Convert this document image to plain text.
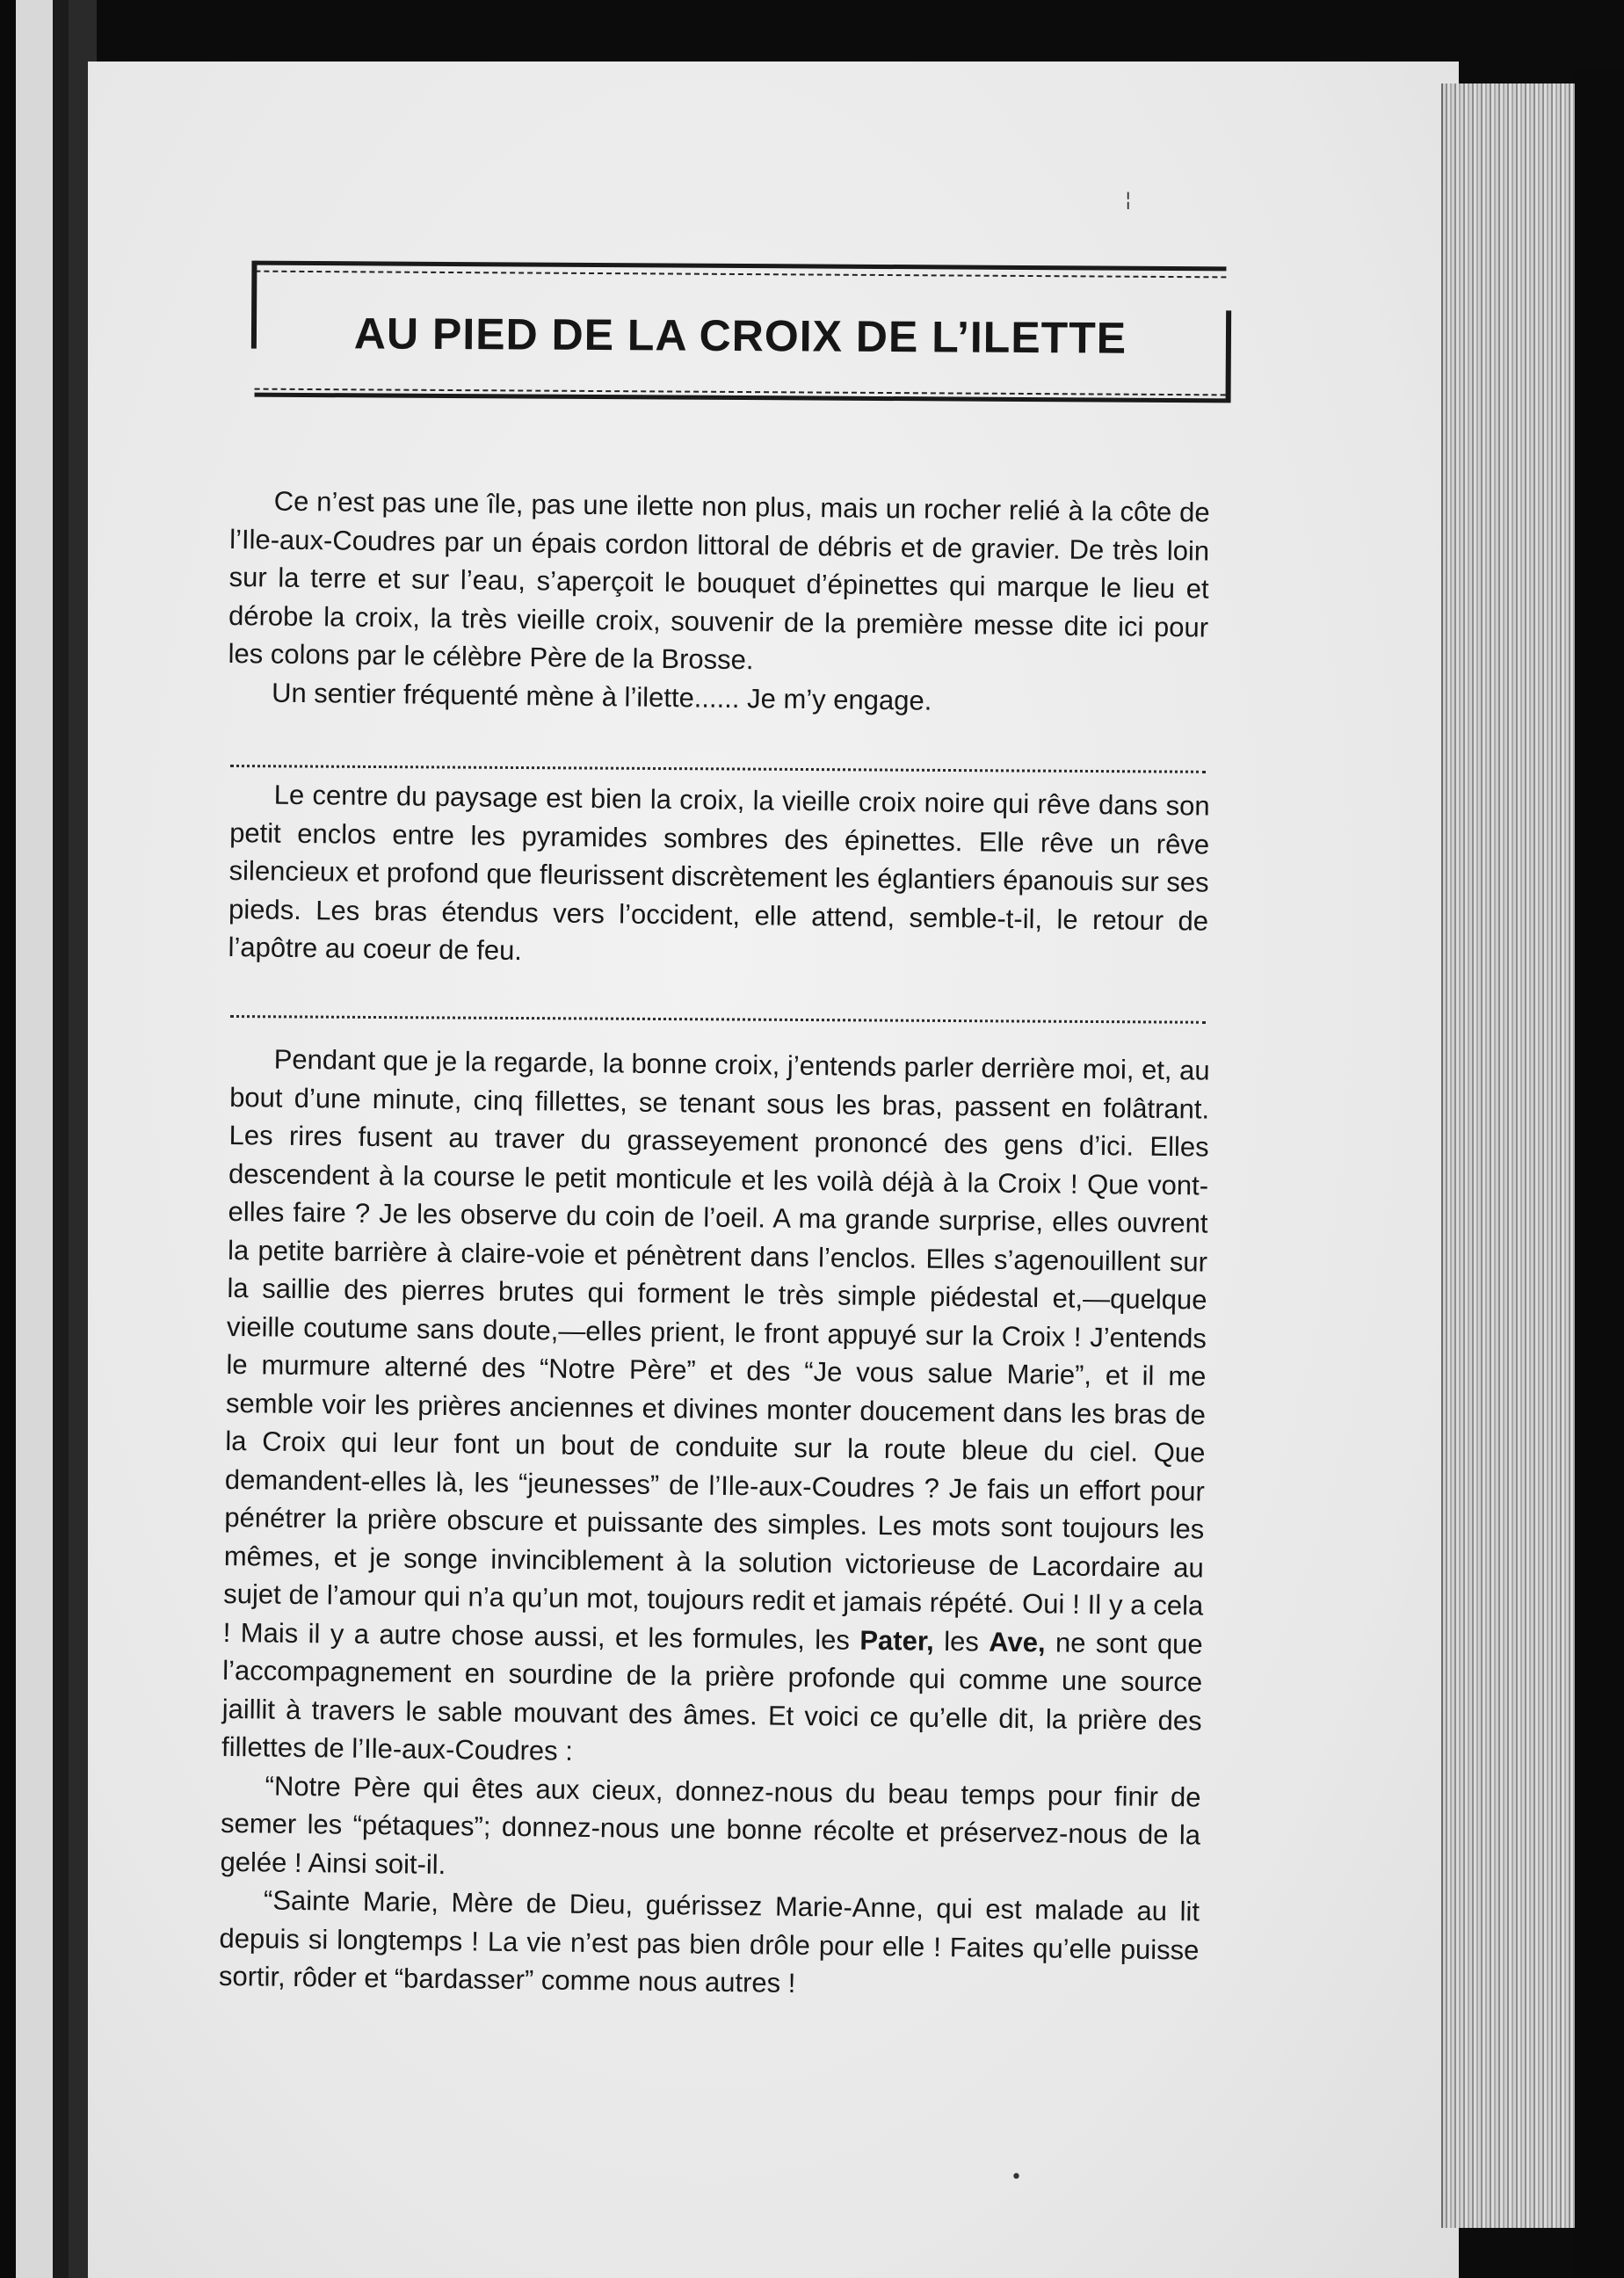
AU PIED DE LA CROIX DE L’ILETTE

Ce n’est pas une île, pas une ilette non plus, mais un rocher relié à la côte de l’Ile-aux-Coudres par un épais cordon littoral de débris et de gravier. De très loin sur la terre et sur l’eau, s’aperçoit le bouquet d’épinettes qui marque le lieu et dérobe la croix, la très vieille croix, souvenir de la première messe dite ici pour les colons par le célèbre Père de la Brosse.

Un sentier fréquenté mène à l’ilette...... Je m’y engage.

Le centre du paysage est bien la croix, la vieille croix noire qui rêve dans son petit enclos entre les pyramides sombres des épinettes. Elle rêve un rêve silencieux et profond que fleurissent discrètement les églantiers épanouis sur ses pieds. Les bras étendus vers l’occident, elle attend, semble-t-il, le retour de l’apôtre au coeur de feu.

Pendant que je la regarde, la bonne croix, j’entends parler derrière moi, et, au bout d’une minute, cinq fillettes, se tenant sous les bras, passent en folâtrant. Les rires fusent au traver du grasseyement prononcé des gens d’ici. Elles descendent à la course le petit monticule et les voilà déjà à la Croix ! Que vont-elles faire ? Je les observe du coin de l’oeil. A ma grande surprise, elles ouvrent la petite barrière à claire-voie et pénètrent dans l’enclos. Elles s’agenouillent sur la saillie des pierres brutes qui forment le très simple piédestal et,—quelque vieille coutume sans doute,—elles prient, le front appuyé sur la Croix ! J’entends le murmure alterné des “Notre Père” et des “Je vous salue Marie”, et il me semble voir les prières anciennes et divines monter doucement dans les bras de la Croix qui leur font un bout de conduite sur la route bleue du ciel. Que demandent-elles là, les “jeunesses” de l’Ile-aux-Coudres ? Je fais un effort pour pénétrer la prière obscure et puissante des simples. Les mots sont toujours les mêmes, et je songe invinciblement à la solution victorieuse de Lacordaire au sujet de l’amour qui n’a qu’un mot, toujours redit et jamais répété. Oui ! Il y a cela ! Mais il y a autre chose aussi, et les formules, les Pater, les Ave, ne sont que l’accompagnement en sourdine de la prière profonde qui comme une source jaillit à travers le sable mouvant des âmes. Et voici ce qu’elle dit, la prière des fillettes de l’Ile-aux-Coudres :

“Notre Père qui êtes aux cieux, donnez-nous du beau temps pour finir de semer les “pétaques”; donnez-nous une bonne récolte et préservez-nous de la gelée ! Ainsi soit-il.

“Sainte Marie, Mère de Dieu, guérissez Marie-Anne, qui est malade au lit depuis si longtemps ! La vie n’est pas bien drôle pour elle ! Faites qu’elle puisse sortir, rôder et “bardasser” comme nous autres !

¦
•
